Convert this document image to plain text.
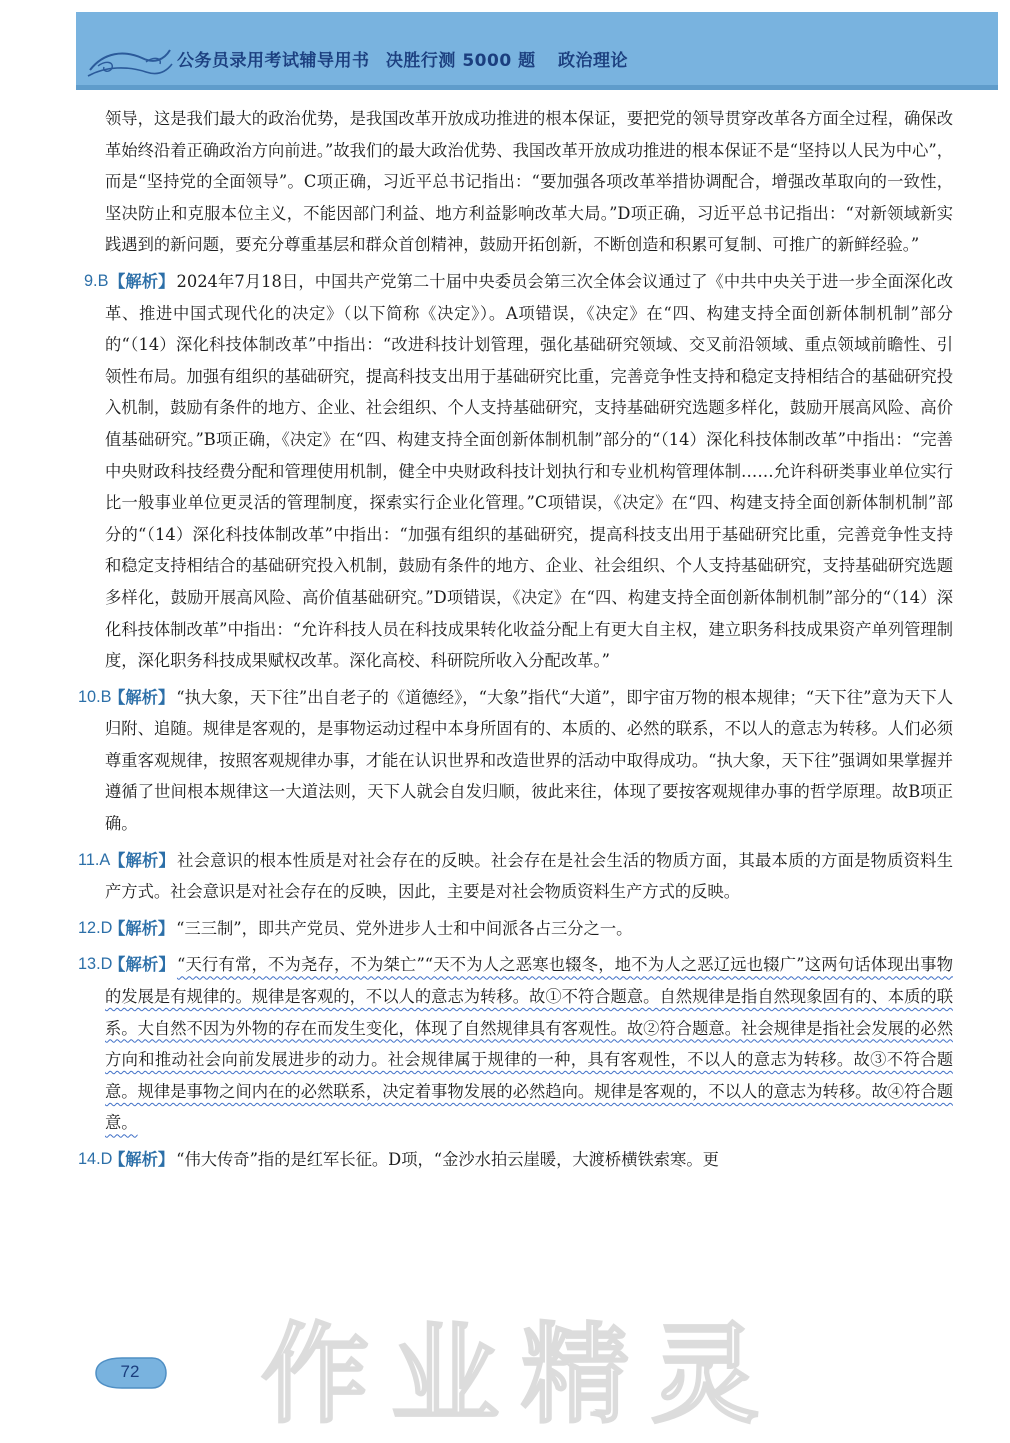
公务员录用考试辅导用书 决胜行测 5000 题 政治理论

领导，这是我们最大的政治优势，是我国改革开放成功推进的根本保证，要把党的领导贯穿改革各方面全过程，确保改革始终沿着正确政治方向前进。”故我们的最大政治优势、我国改革开放成功推进的根本保证不是“坚持以人民为中心”，而是“坚持党的全面领导”。C项正确，习近平总书记指出：“要加强各项改革举措协调配合，增强改革取向的一致性，坚决防止和克服本位主义，不能因部门利益、地方利益影响改革大局。”D项正确，习近平总书记指出：“对新领域新实践遇到的新问题，要充分尊重基层和群众首创精神，鼓励开拓创新，不断创造和积累可复制、可推广的新鲜经验。”

9.B 【解析】 2024年7月18日，中国共产党第二十届中央委员会第三次全体会议通过了《中共中央关于进一步全面深化改革、推进中国式现代化的决定》（以下简称《决定》）。A项错误，《决定》在“四、构建支持全面创新体制机制”部分的“（14）深化科技体制改革”中指出：“改进科技计划管理，强化基础研究领域、交叉前沿领域、重点领域前瞻性、引领性布局。加强有组织的基础研究，提高科技支出用于基础研究比重，完善竞争性支持和稳定支持相结合的基础研究投入机制，鼓励有条件的地方、企业、社会组织、个人支持基础研究，支持基础研究选题多样化，鼓励开展高风险、高价值基础研究。”B项正确，《决定》在“四、构建支持全面创新体制机制”部分的“（14）深化科技体制改革”中指出：“完善中央财政科技经费分配和管理使用机制，健全中央财政科技计划执行和专业机构管理体制……允许科研类事业单位实行比一般事业单位更灵活的管理制度，探索实行企业化管理。”C项错误，《决定》在“四、构建支持全面创新体制机制”部分的“（14）深化科技体制改革”中指出：“加强有组织的基础研究，提高科技支出用于基础研究比重，完善竞争性支持和稳定支持相结合的基础研究投入机制，鼓励有条件的地方、企业、社会组织、个人支持基础研究，支持基础研究选题多样化，鼓励开展高风险、高价值基础研究。”D项错误，《决定》在“四、构建支持全面创新体制机制”部分的“（14）深化科技体制改革”中指出：“允许科技人员在科技成果转化收益分配上有更大自主权，建立职务科技成果资产单列管理制度，深化职务科技成果赋权改革。深化高校、科研院所收入分配改革。”

10.B
【解析】 “执大象，天下往”出自老子的《道德经》，“大象”指代“大道”，即宇宙万物的根本规律；“天下往”意为天下人归附、追随。规律是客观的，是事物运动过程中本身所固有的、本质的、必然的联系，不以人的意志为转移。人们必须尊重客观规律，按照客观规律办事，才能在认识世界和改造世界的活动中取得成功。“执大象，天下往”强调如果掌握并遵循了世间根本规律这一大道法则，天下人就会自发归顺，彼此来往，体现了要按客观规律办事的哲学原理。故B项正确。

11.A
【解析】 社会意识的根本性质是对社会存在的反映。社会存在是社会生活的物质方面，其最本质的方面是物质资料生产方式。社会意识是对社会存在的反映，因此，主要是对社会物质资料生产方式的反映。

12.D
【解析】 “三三制”，即共产党员、党外进步人士和中间派各占三分之一。

13.D
【解析】 “天行有常，不为尧存，不为桀亡”“天不为人之恶寒也辍冬，地不为人之恶辽远也辍广”这两句话体现出事物的发展是有规律的。规律是客观的，不以人的意志为转移。故①不符合题意。自然规律是指自然现象固有的、本质的联系。大自然不因为外物的存在而发生变化，体现了自然规律具有客观性。故②符合题意。社会规律是指社会发展的必然方向和推动社会向前发展进步的动力。社会规律属于规律的一种，具有客观性，不以人的意志为转移。故③不符合题意。规律是事物之间内在的必然联系，决定着事物发展的必然趋向。规律是客观的，不以人的意志为转移。故④符合题意。

14.D
【解析】 “伟大传奇”指的是红军长征。D项，“金沙水拍云崖暖，大渡桥横铁索寒。更

72 作 业 精 灵
